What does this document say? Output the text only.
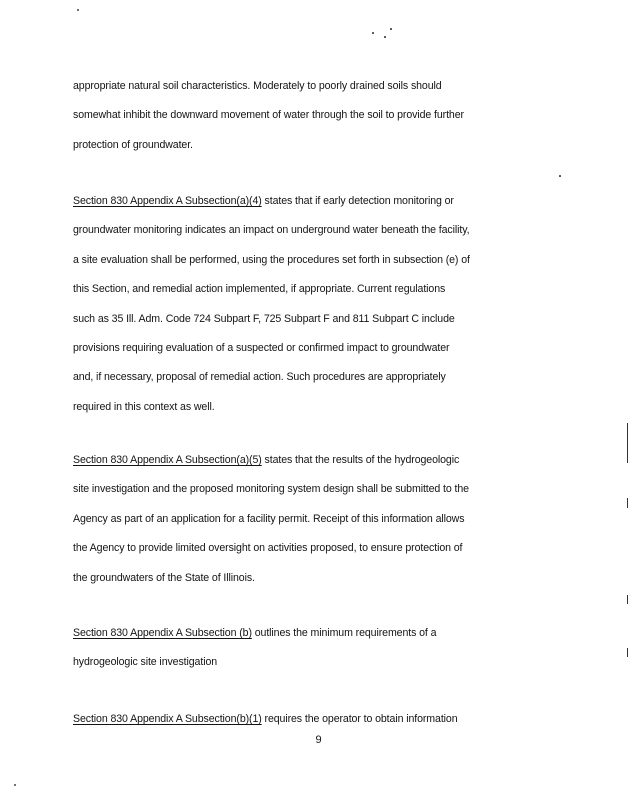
appropriate natural soil characteristics. Moderately to poorly drained soils should
somewhat inhibit the downward movement of water through the soil to provide further
protection of groundwater.

Section 830 Appendix A Subsection(a)(4) states that if early detection monitoring or
groundwater monitoring indicates an impact on underground water beneath the facility,
a site evaluation shall be performed, using the procedures set forth in subsection (e) of
this Section, and remedial action implemented, if appropriate. Current regulations
such as 35 Ill. Adm. Code 724 Subpart F, 725 Subpart F and 811 Subpart C include
provisions requiring evaluation of a suspected or confirmed impact to groundwater
and, if necessary, proposal of remedial action. Such procedures are appropriately
required in this context as well.

Section 830 Appendix A Subsection(a)(5) states that the results of the hydrogeologic
site investigation and the proposed monitoring system design shall be submitted to the
Agency as part of an application for a facility permit. Receipt of this information allows
the Agency to provide limited oversight on activities proposed, to ensure protection of
the groundwaters of the State of Illinois.

Section 830 Appendix A Subsection (b) outlines the minimum requirements of a
hydrogeologic site investigation

Section 830 Appendix A Subsection(b)(1) requires the operator to obtain information

9
